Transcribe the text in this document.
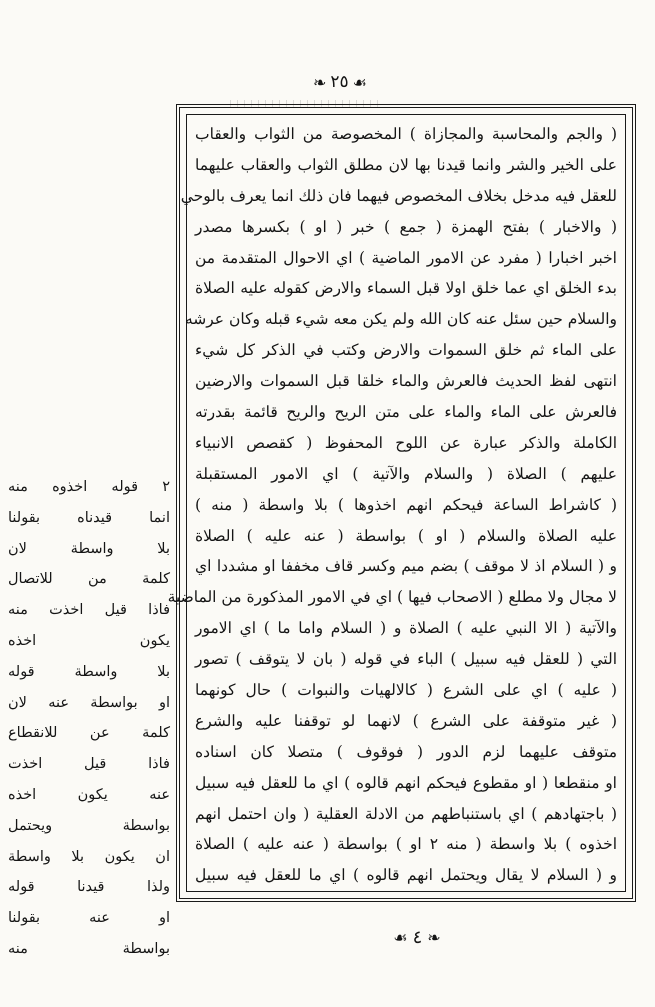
☙
٢٥
❧
( والجم والمحاسبة والمجازاة ) المخصوصة من الثواب والعقاب
على الخير والشر وانما قيدنا بها لان مطلق الثواب والعقاب عليهما
للعقل فيه مدخل بخلاف المخصوص فيهما فان ذلك انما يعرف بالوحي
( والاخبار ) بفتح الهمزة ( جمع ) خبر ( او ) بكسرها مصدر
اخبر اخبارا ( مفرد عن الامور الماضية ) اي الاحوال المتقدمة من
بدء الخلق اي عما خلق اولا قبل السماء والارض كقوله عليه الصلاة
والسلام حين سئل عنه كان الله ولم يكن معه شيء قبله وكان عرشه
على الماء ثم خلق السموات والارض وكتب في الذكر كل شيء
انتهى لفظ الحديث فالعرش والماء خلقا قبل السموات والارضين
فالعرش على الماء والماء على متن الريح والريح قائمة بقدرته
الكاملة والذكر عبارة عن اللوح المحفوظ ( كقصص الانبياء
عليهم ) الصلاة ( والسلام والآتية ) اي الامور المستقبلة
( كاشراط الساعة فيحكم انهم اخذوها ) بلا واسطة ( منه )
عليه الصلاة والسلام ( او ) بواسطة ( عنه عليه ) الصلاة
و ( السلام اذ لا موقف ) بضم ميم وكسر قاف مخففا او مشددا اي
لا مجال ولا مطلع ( الاصحاب فيها ) اي في الامور المذكورة من الماضية
والآتية ( الا النبي عليه ) الصلاة و ( السلام واما ما ) اي الامور
التي ( للعقل فيه سبيل ) الباء في قوله ( بان لا يتوقف ) تصور
( عليه ) اي على الشرع ( كالالهيات والنبوات ) حال كونهما
( غير متوقفة على الشرع ) لانهما لو توقفنا عليه والشرع
متوقف عليهما لزم الدور ( فوقوف ) متصلا كان اسناده
او منقطعا ( او مقطوع فيحكم انهم قالوه ) اي ما للعقل فيه سبيل
( باجتهادهم ) اي باستنباطهم من الادلة العقلية ( وان احتمل انهم
اخذوه ) بلا واسطة ( منه ٢ او ) بواسطة ( عنه عليه ) الصلاة
و ( السلام لا يقال ويحتمل انهم قالوه ) اي ما للعقل فيه سبيل
٢ قوله اخذوه منه
انما قيدناه بقولنا
بلا واسطة لان
كلمة من للاتصال
فاذا قيل اخذت منه
يكون اخذه
بلا واسطة قوله
او بواسطة عنه لان
كلمة عن للانقطاع
فاذا قيل اخذت
عنه يكون اخذه
بواسطة ويحتمل
ان يكون بلا واسطة
ولذا قيدنا قوله
او عنه بقولنا
بواسطة منه
☙ ٤ ❧
